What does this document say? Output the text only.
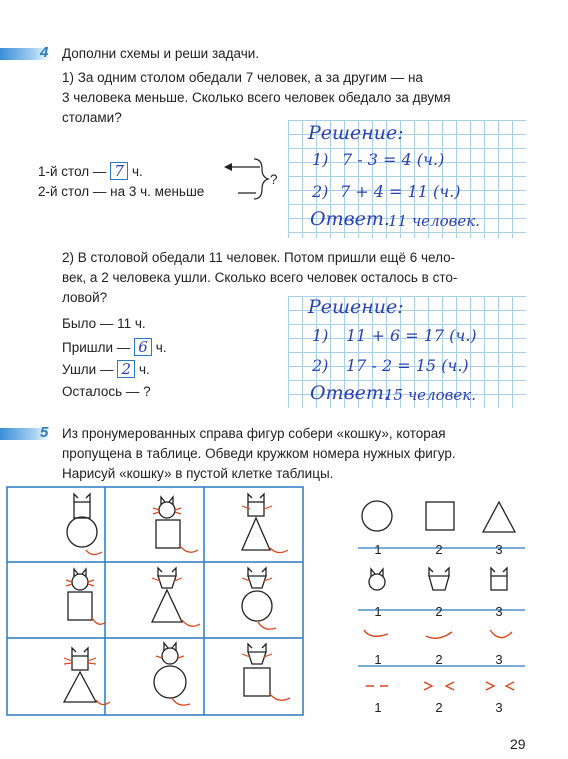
4 Дополни схемы и реши задачи.
1) За одним столом обедали 7 человек, а за другим — на
3 человека меньше. Сколько всего человек обедало за двумя
столами?
1-й стол — 7 ч.
2-й стол — на 3 ч. меньше
?
Решение:
1) 7 - 3 = 4 (ч.)
2) 7 + 4 = 11 (ч.)
Ответ.
11 человек.
2) В столовой обедали 11 человек. Потом пришли ещё 6 чело-
век, а 2 человека ушли. Сколько всего человек осталось в сто-
ловой?
Было — 11 ч.
Пришли — 6 ч.
Ушли — 2 ч.
Осталось — ?
Решение:
1) 11 + 6 = 17 (ч.)
2) 17 - 2 = 15 (ч.)
Ответ.
15 человек.
5 Из пронумерованных справа фигур собери «кошку», которая
пропущена в таблице. Обведи кружком номера нужных фигур.
Нарисуй «кошку» в пустой клетке таблицы.
1	2	3
1	2	3
1	2	3
1	2	3
29
